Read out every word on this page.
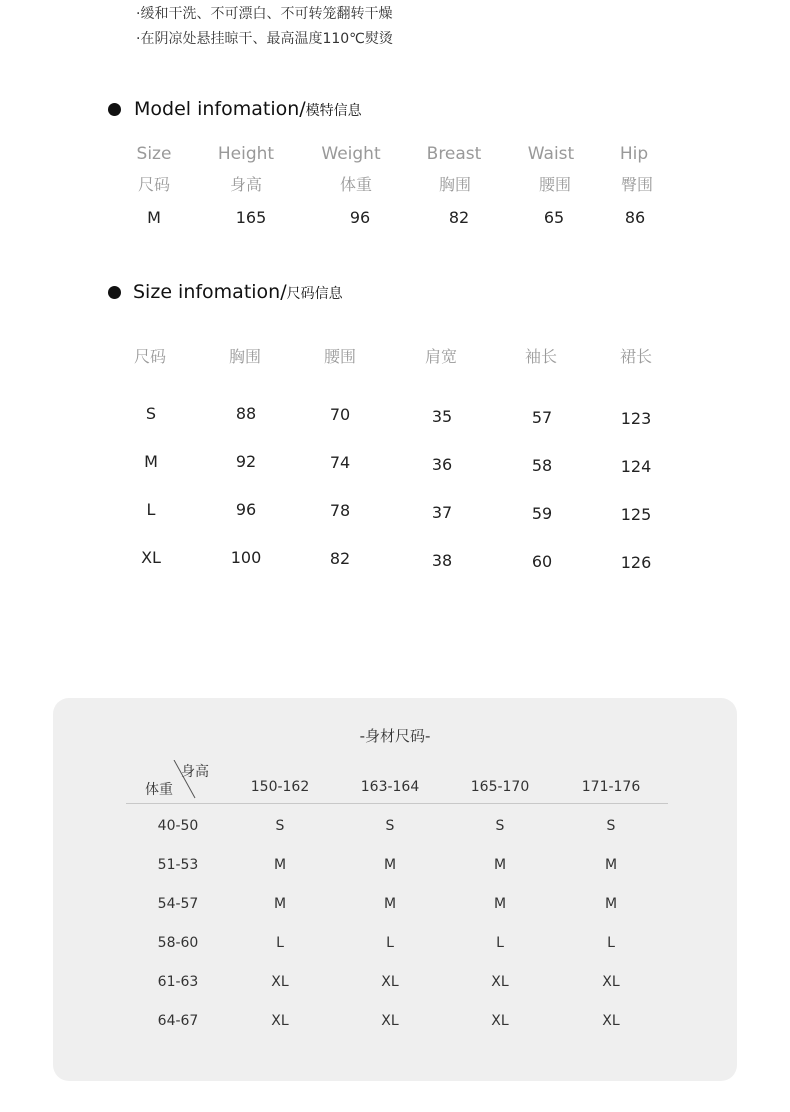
·缓和干洗、不可漂白、不可转笼翻转干燥
·在阴凉处悬挂晾干、最高温度110℃熨烫
Model infomation/模特信息
Size	Height	Weight	Breast	Waist	Hip
尺码	身高	体重	胸围	腰围	臀围
M	165	96	82	65	86
Size infomation/尺码信息
尺码	胸围	腰围	肩宽	袖长	裙长
S	88	70	35	57	123
M	92	74	36	58	124
L	96	78	37	59	125
XL	100	82	38	60	126
-身材尺码-
身高
体重	150-162	163-164	165-170	171-176
40-50	S	S	S	S
51-53	M	M	M	M
54-57	M	M	M	M
58-60	L	L	L	L
61-63	XL	XL	XL	XL
64-67	XL	XL	XL	XL
